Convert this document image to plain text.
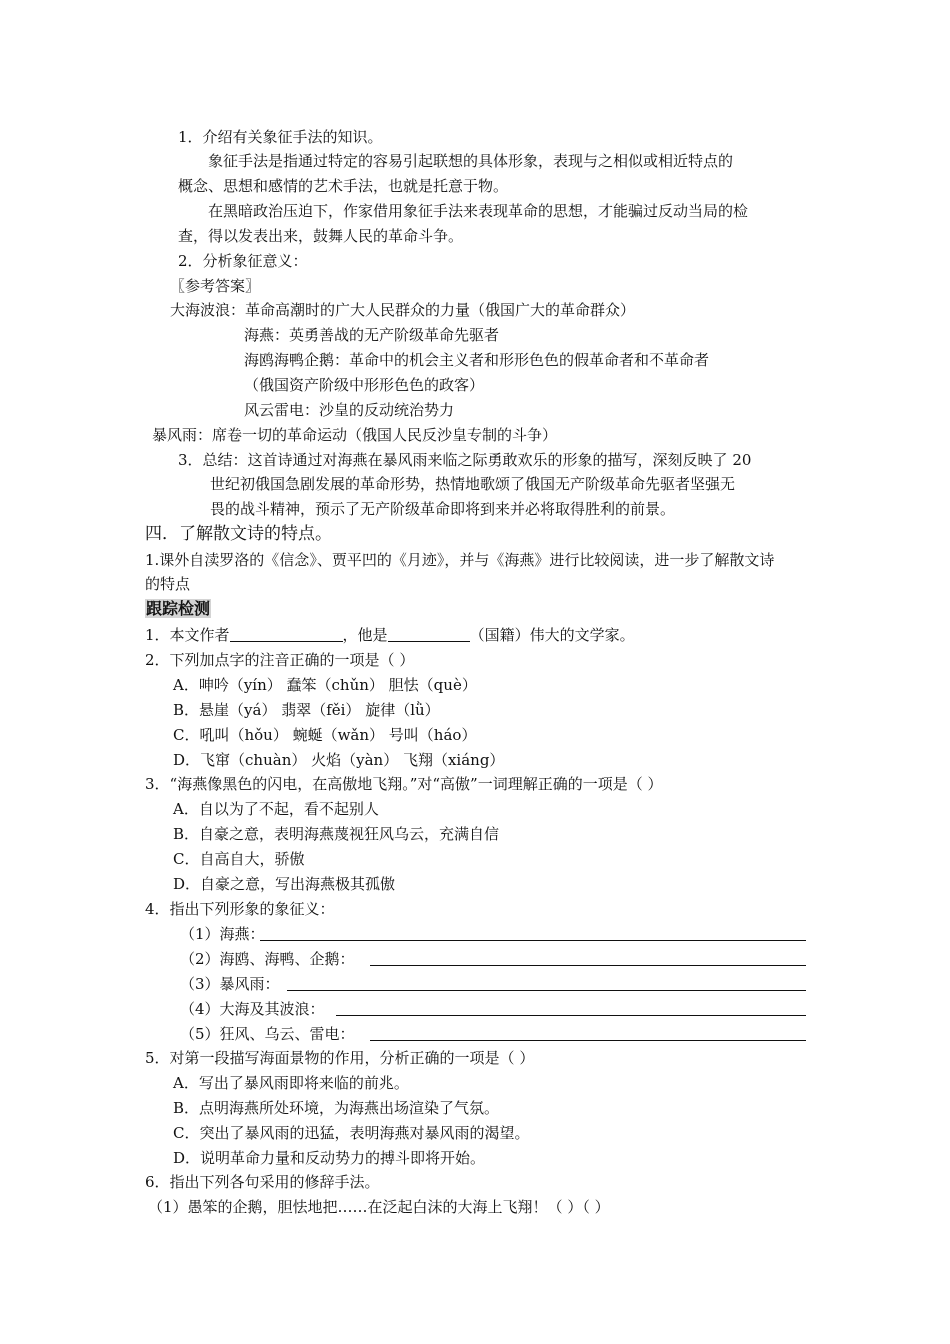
1．介绍有关象征手法的知识。
象征手法是指通过特定的容易引起联想的具体形象，表现与之相似或相近特点的
概念、思想和感情的艺术手法，也就是托意于物。
在黑暗政治压迫下，作家借用象征手法来表现革命的思想，才能骗过反动当局的检
查，得以发表出来，鼓舞人民的革命斗争。
2．分析象征意义：
〖参考答案〗
大海波浪：革命高潮时的广大人民群众的力量（俄国广大的革命群众）
海燕：英勇善战的无产阶级革命先驱者
海鸥海鸭企鹅：革命中的机会主义者和形形色色的假革命者和不革命者
（俄国资产阶级中形形色色的政客）
风云雷电：沙皇的反动统治势力
暴风雨：席卷一切的革命运动（俄国人民反沙皇专制的斗争）
3．总结：这首诗通过对海燕在暴风雨来临之际勇敢欢乐的形象的描写，深刻反映了 20
世纪初俄国急剧发展的革命形势，热情地歌颂了俄国无产阶级革命先驱者坚强无
畏的战斗精神，预示了无产阶级革命即将到来并必将取得胜利的前景。
四．了解散文诗的特点。
1.课外自渎罗洛的《信念》、贾平凹的《月迹》，并与《海燕》进行比较阅读，进一步了解散文诗
的特点
跟踪检测
1．本文作者	，他是	（国籍）伟大的文学家。
2．下列加点字的注音正确的一项是（ ）
A．呻吟（yín） 蠢笨（chǔn） 胆怯（què）
B．悬崖（yá） 翡翠（fěi） 旋律（lǜ）
C．吼叫（hǒu） 蜿蜒（wǎn） 号叫（háo）
D．飞窜（chuàn） 火焰（yàn） 飞翔（xiáng）
3．“海燕像黑色的闪电，在高傲地飞翔。”对“高傲”一词理解正确的一项是（ ）
A．自以为了不起，看不起别人
B．自豪之意，表明海燕蔑视狂风乌云，充满自信
C．自高自大，骄傲
D．自豪之意，写出海燕极其孤傲
4．指出下列形象的象征义：
（1）海燕：
（2）海鸥、海鸭、企鹅：
（3）暴风雨：
（4）大海及其波浪：
（5）狂风、乌云、雷电：
5．对第一段描写海面景物的作用，分析正确的一项是（ ）
A．写出了暴风雨即将来临的前兆。
B．点明海燕所处环境，为海燕出场渲染了气氛。
C．突出了暴风雨的迅猛，表明海燕对暴风雨的渴望。
D．说明革命力量和反动势力的搏斗即将开始。
6．指出下列各句采用的修辞手法。
（1）愚笨的企鹅，胆怯地把……在泛起白沫的大海上飞翔！（ ）（ ）
